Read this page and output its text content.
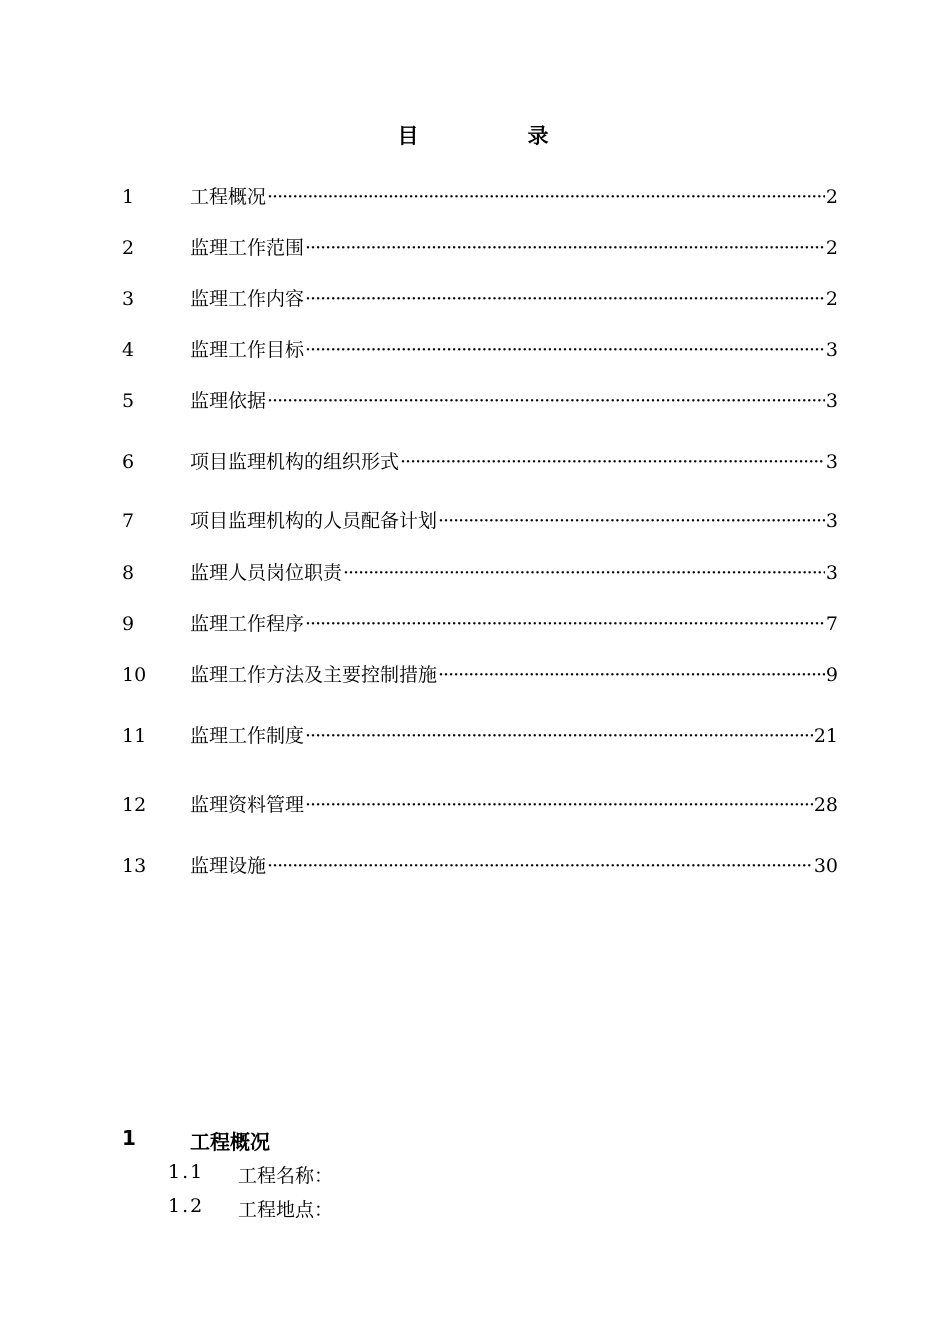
目　录
1	工程概况 ·····	2
2	监理工作范围 ·····	2
3	监理工作内容 ·····	2
4	监理工作目标 ·····	3
5	监理依据 ·····	3
6	项目监理机构的组织形式 ·····	3
7	项目监理机构的人员配备计划 ·····	3
8	监理人员岗位职责 ·····	3
9	监理工作程序 ·····	7
10	监理工作方法及主要控制措施 ·····	9
11	监理工作制度 ·····	21
12	监理资料管理 ·····	28
13	监理设施 ·····	30
1	工程概况
1.1	工程名称：
1.2	工程地点：
